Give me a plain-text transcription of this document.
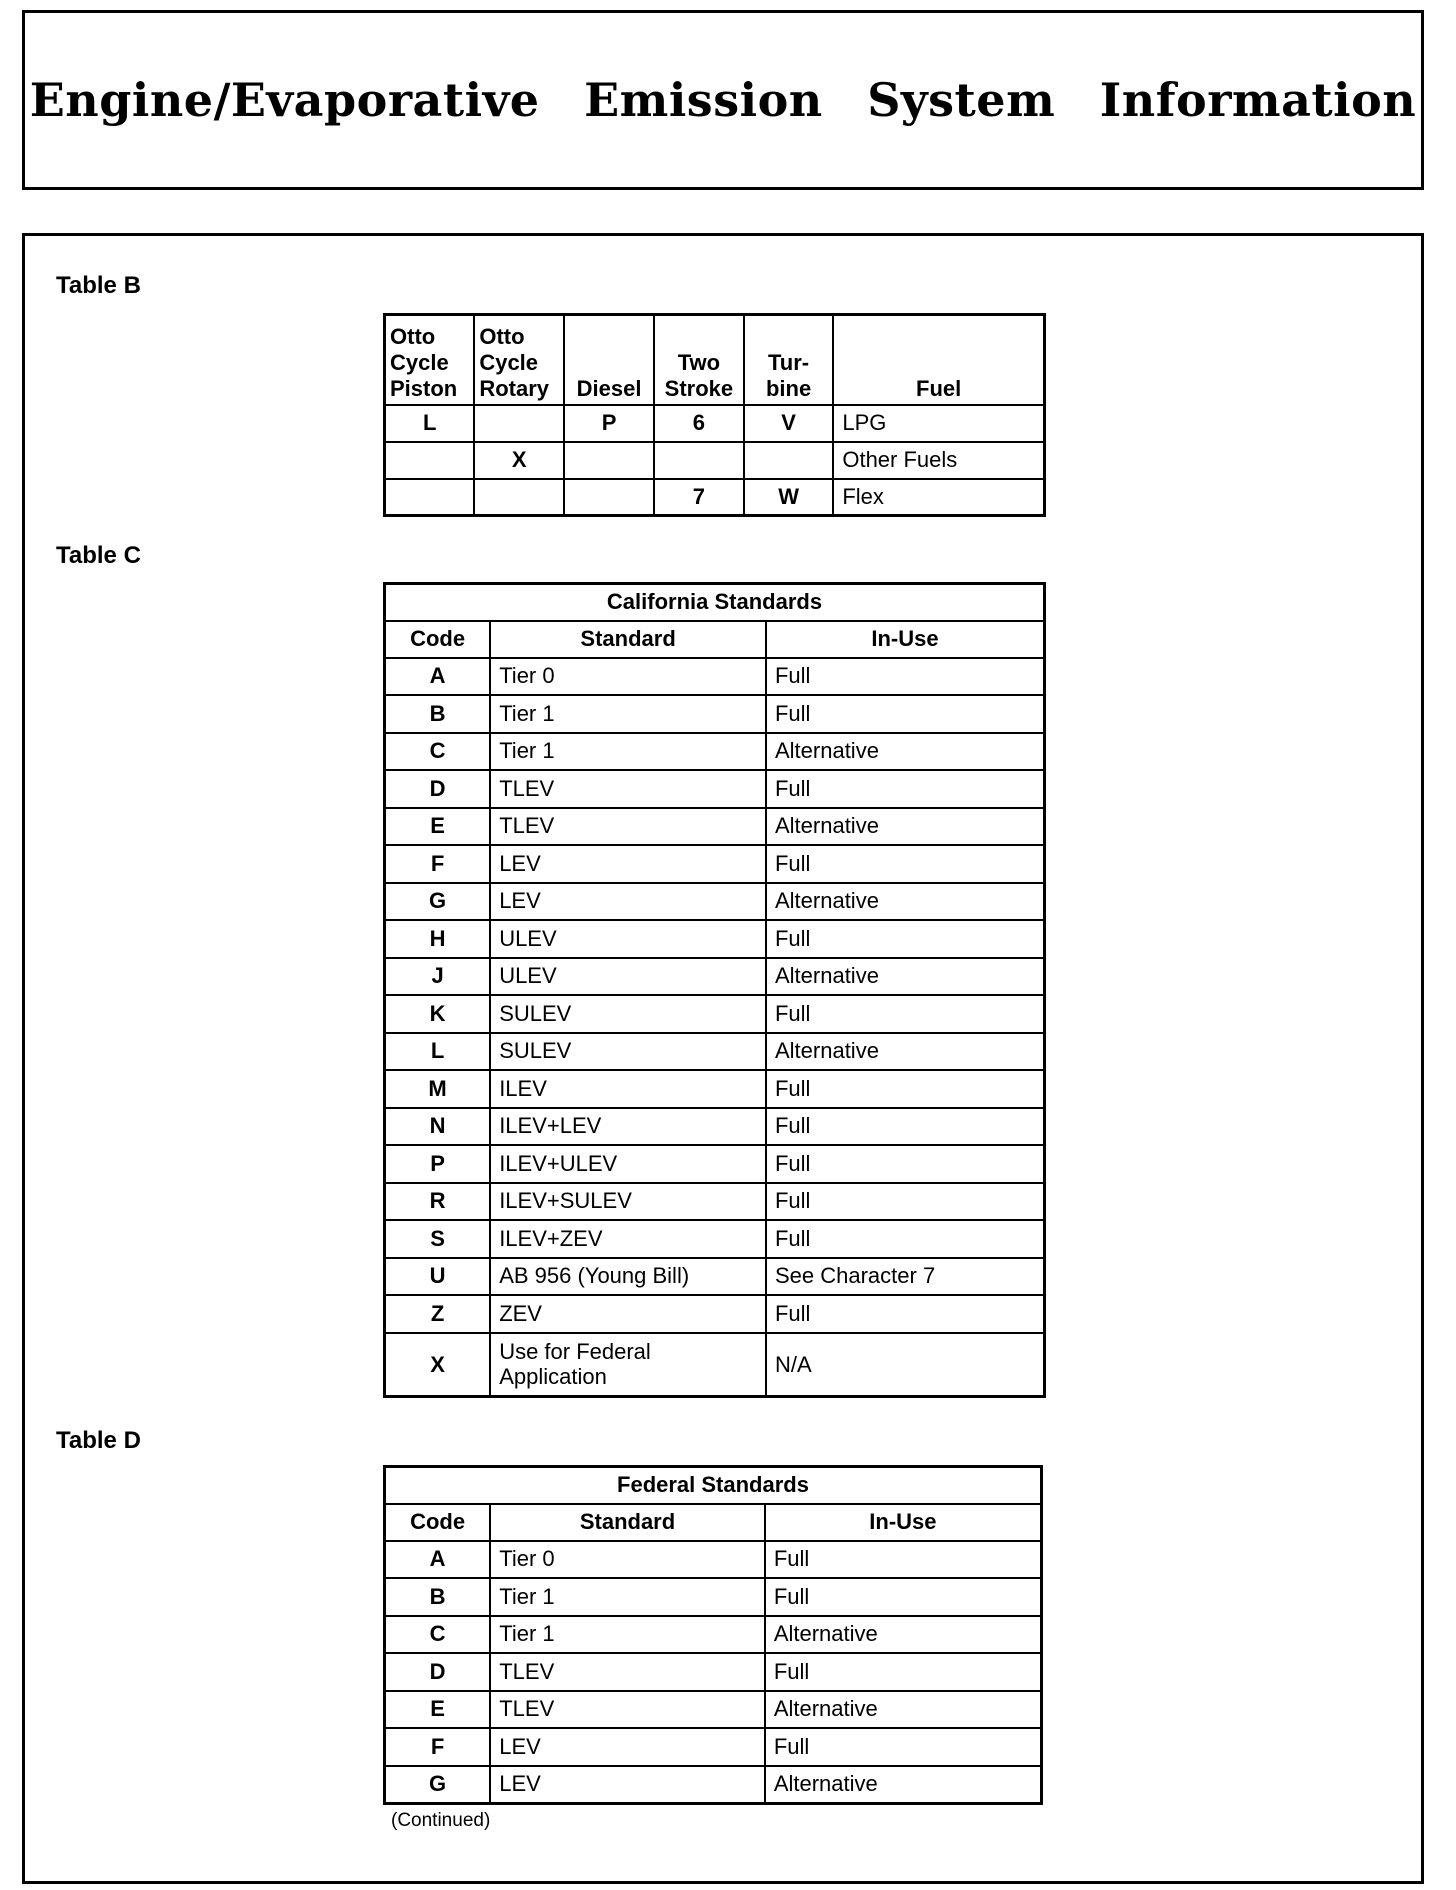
Engine/Evaporative Emission System Information
Table B
Otto
Cycle
Piston	Otto
Cycle
Rotary	Diesel	Two
Stroke	Tur-
bine	Fuel
L		P	6	V	LPG
	X				Other Fuels
			7	W	Flex
Table C
California Standards		
Code	Standard	In-Use
A	Tier 0	Full
B	Tier 1	Full
C	Tier 1	Alternative
D	TLEV	Full
E	TLEV	Alternative
F	LEV	Full
G	LEV	Alternative
H	ULEV	Full
J	ULEV	Alternative
K	SULEV	Full
L	SULEV	Alternative
M	ILEV	Full
N	ILEV+LEV	Full
P	ILEV+ULEV	Full
R	ILEV+SULEV	Full
S	ILEV+ZEV	Full
U	AB 956 (Young Bill)	See Character 7
Z	ZEV	Full
X	Use for Federal Application	N/A
Table D
Federal Standards		
Code	Standard	In-Use
A	Tier 0	Full
B	Tier 1	Full
C	Tier 1	Alternative
D	TLEV	Full
E	TLEV	Alternative
F	LEV	Full
G	LEV	Alternative
(Continued)
